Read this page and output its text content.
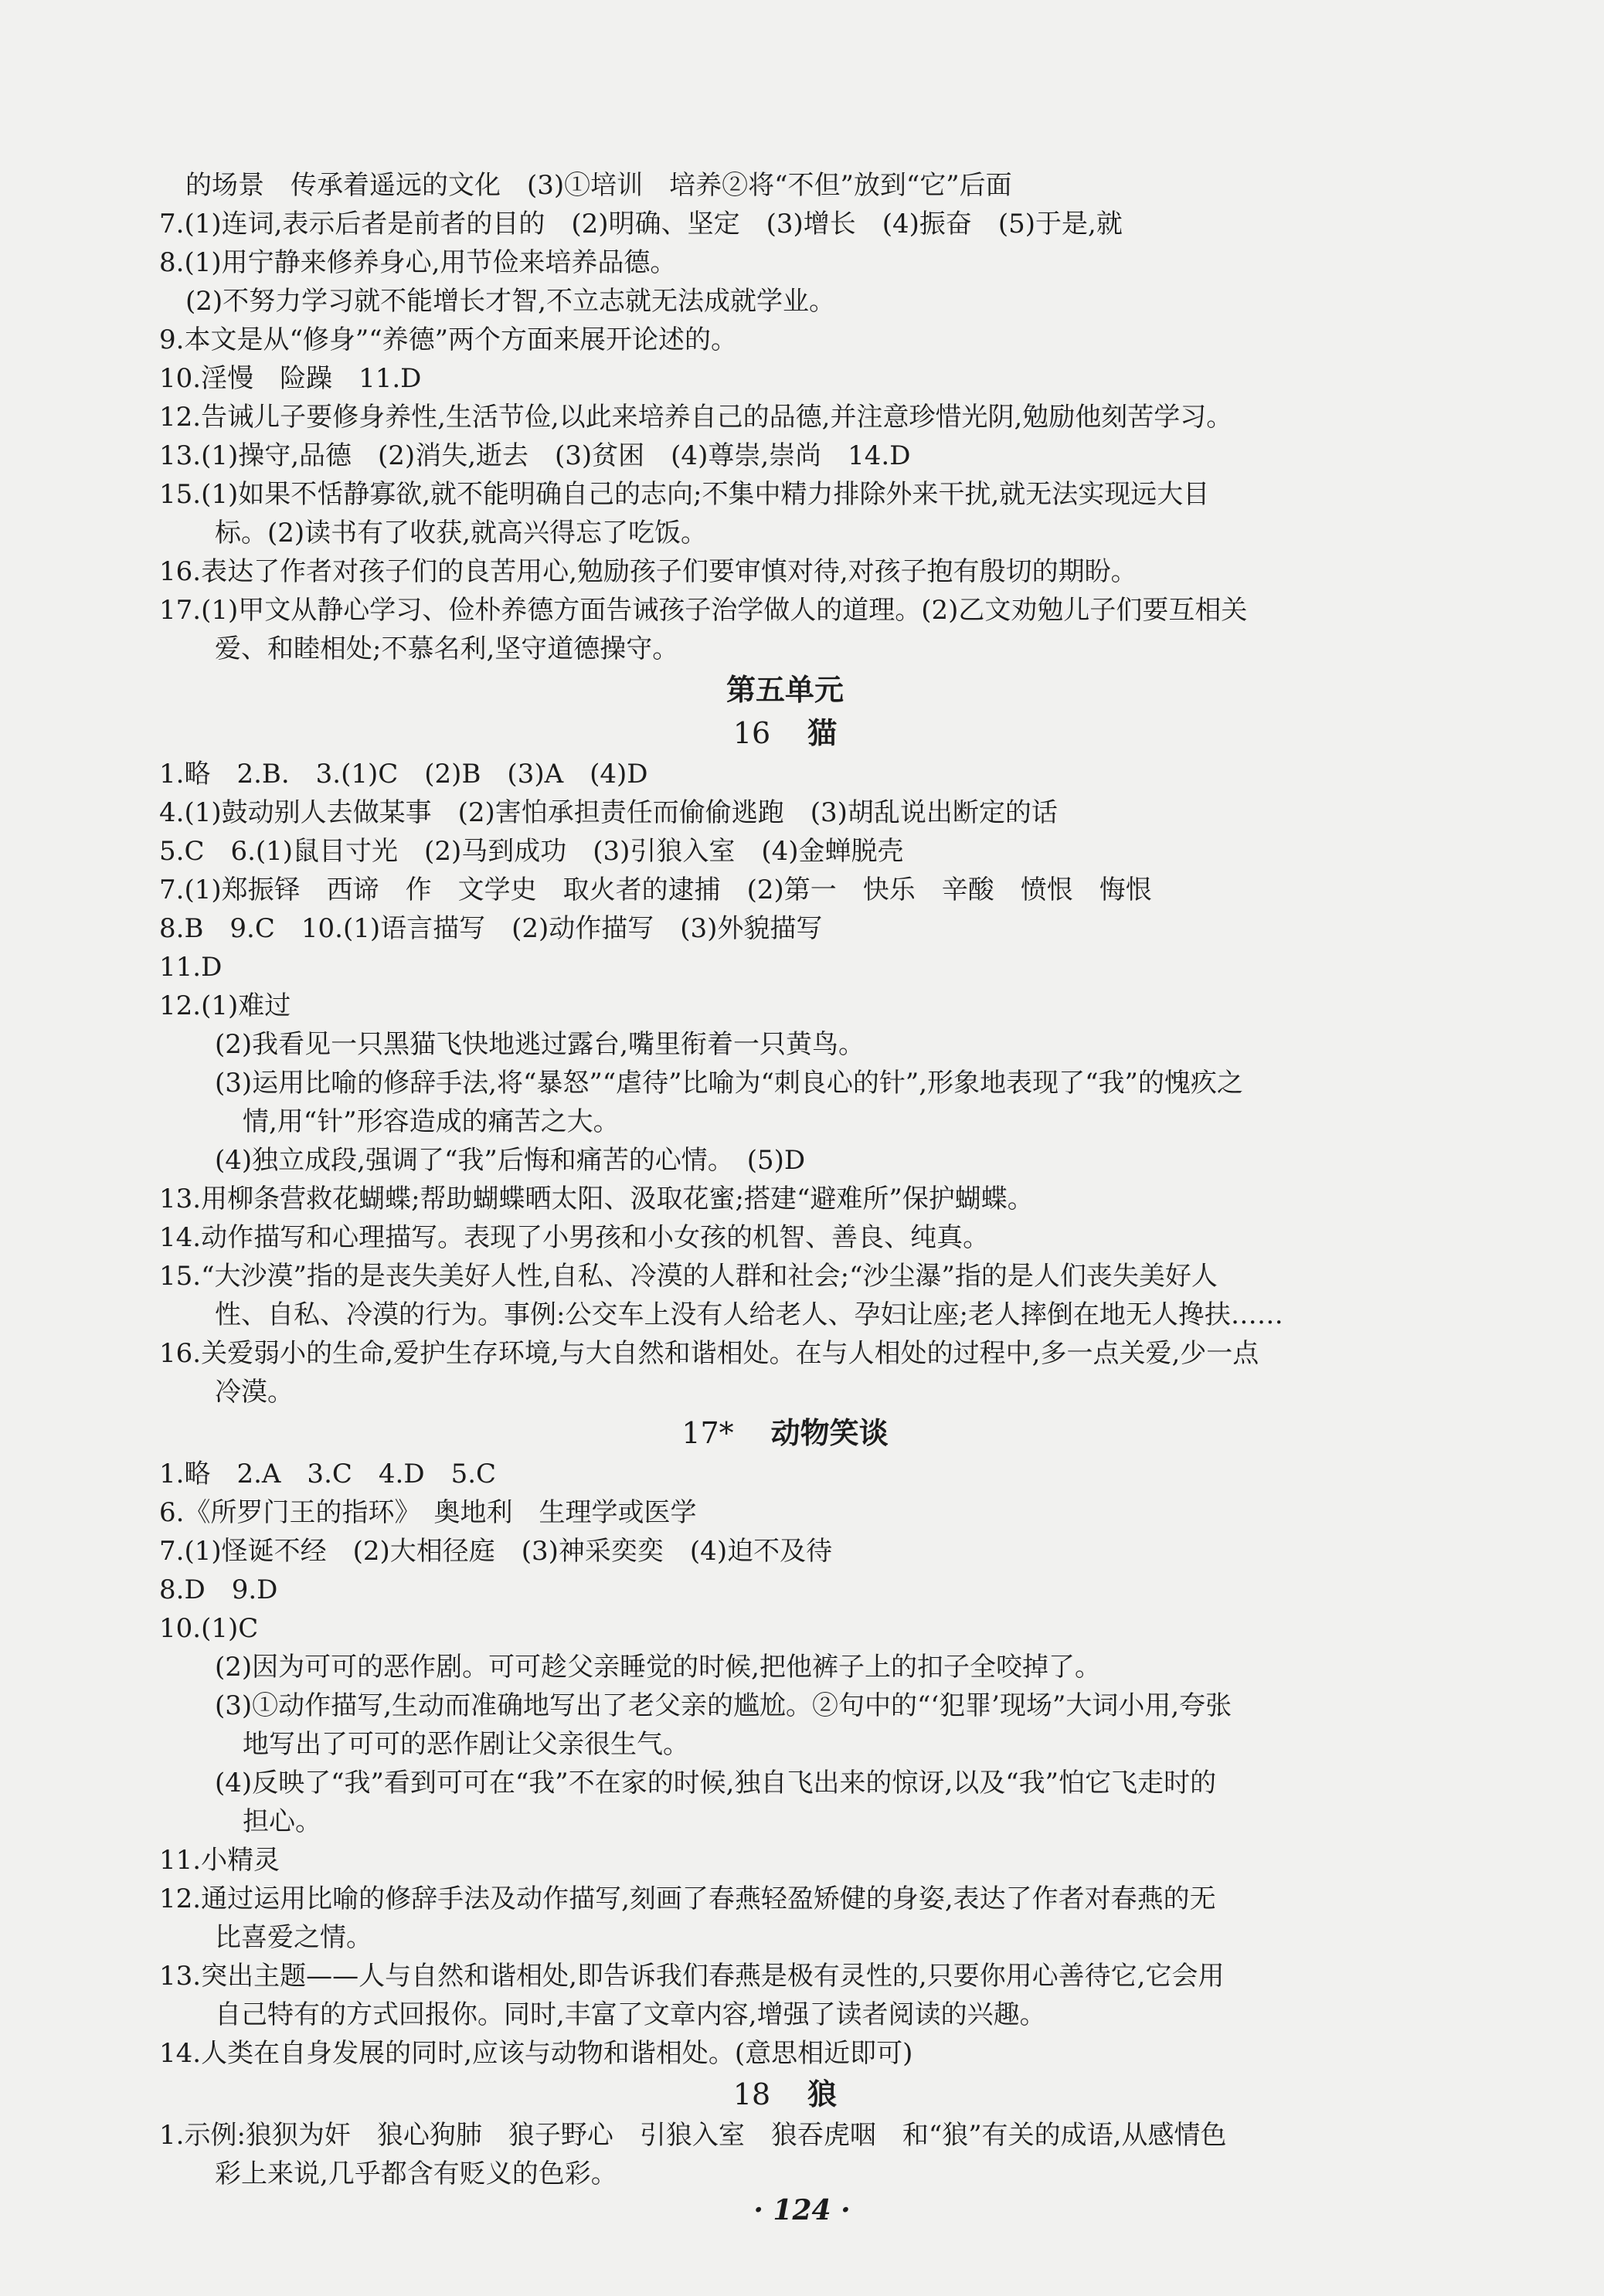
的场景　传承着遥远的文化　(3)①培训　培养②将“不但”放到“它”后面
7.(1)连词,表示后者是前者的目的　(2)明确、坚定　(3)增长　(4)振奋　(5)于是,就
8.(1)用宁静来修养身心,用节俭来培养品德。
(2)不努力学习就不能增长才智,不立志就无法成就学业。
9.本文是从“修身”“养德”两个方面来展开论述的。
10.淫慢　险躁　11.D
12.告诫儿子要修身养性,生活节俭,以此来培养自己的品德,并注意珍惜光阴,勉励他刻苦学习。
13.(1)操守,品德　(2)消失,逝去　(3)贫困　(4)尊崇,崇尚　14.D
15.(1)如果不恬静寡欲,就不能明确自己的志向;不集中精力排除外来干扰,就无法实现远大目
标。(2)读书有了收获,就高兴得忘了吃饭。
16.表达了作者对孩子们的良苦用心,勉励孩子们要审慎对待,对孩子抱有殷切的期盼。
17.(1)甲文从静心学习、俭朴养德方面告诫孩子治学做人的道理。(2)乙文劝勉儿子们要互相关
爱、和睦相处;不慕名利,坚守道德操守。
第五单元
16 猫
1.略　2.B.　3.(1)C　(2)B　(3)A　(4)D
4.(1)鼓动别人去做某事　(2)害怕承担责任而偷偷逃跑　(3)胡乱说出断定的话
5.C　6.(1)鼠目寸光　(2)马到成功　(3)引狼入室　(4)金蝉脱壳
7.(1)郑振铎　西谛　作　文学史　取火者的逮捕　(2)第一　快乐　辛酸　愤恨　悔恨
8.B　9.C　10.(1)语言描写　(2)动作描写　(3)外貌描写
11.D
12.(1)难过
(2)我看见一只黑猫飞快地逃过露台,嘴里衔着一只黄鸟。
(3)运用比喻的修辞手法,将“暴怒”“虐待”比喻为“刺良心的针”,形象地表现了“我”的愧疚之
情,用“针”形容造成的痛苦之大。
(4)独立成段,强调了“我”后悔和痛苦的心情。　(5)D
13.用柳条营救花蝴蝶;帮助蝴蝶晒太阳、汲取花蜜;搭建“避难所”保护蝴蝶。
14.动作描写和心理描写。表现了小男孩和小女孩的机智、善良、纯真。
15.“大沙漠”指的是丧失美好人性,自私、冷漠的人群和社会;“沙尘瀑”指的是人们丧失美好人
性、自私、冷漠的行为。事例:公交车上没有人给老人、孕妇让座;老人摔倒在地无人搀扶……
16.关爱弱小的生命,爱护生存环境,与大自然和谐相处。在与人相处的过程中,多一点关爱,少一点
冷漠。
17* 动物笑谈
1.略　2.A　3.C　4.D　5.C
6.《所罗门王的指环》　奥地利　生理学或医学
7.(1)怪诞不经　(2)大相径庭　(3)神采奕奕　(4)迫不及待
8.D　9.D
10.(1)C
(2)因为可可的恶作剧。可可趁父亲睡觉的时候,把他裤子上的扣子全咬掉了。
(3)①动作描写,生动而准确地写出了老父亲的尴尬。②句中的“‘犯罪’现场”大词小用,夸张
地写出了可可的恶作剧让父亲很生气。
(4)反映了“我”看到可可在“我”不在家的时候,独自飞出来的惊讶,以及“我”怕它飞走时的
担心。
11.小精灵
12.通过运用比喻的修辞手法及动作描写,刻画了春燕轻盈矫健的身姿,表达了作者对春燕的无
比喜爱之情。
13.突出主题——人与自然和谐相处,即告诉我们春燕是极有灵性的,只要你用心善待它,它会用
自己特有的方式回报你。同时,丰富了文章内容,增强了读者阅读的兴趣。
14.人类在自身发展的同时,应该与动物和谐相处。(意思相近即可)
18 狼
1.示例:狼狈为奸　狼心狗肺　狼子野心　引狼入室　狼吞虎咽　和“狼”有关的成语,从感情色
彩上来说,几乎都含有贬义的色彩。
· 124 ·
